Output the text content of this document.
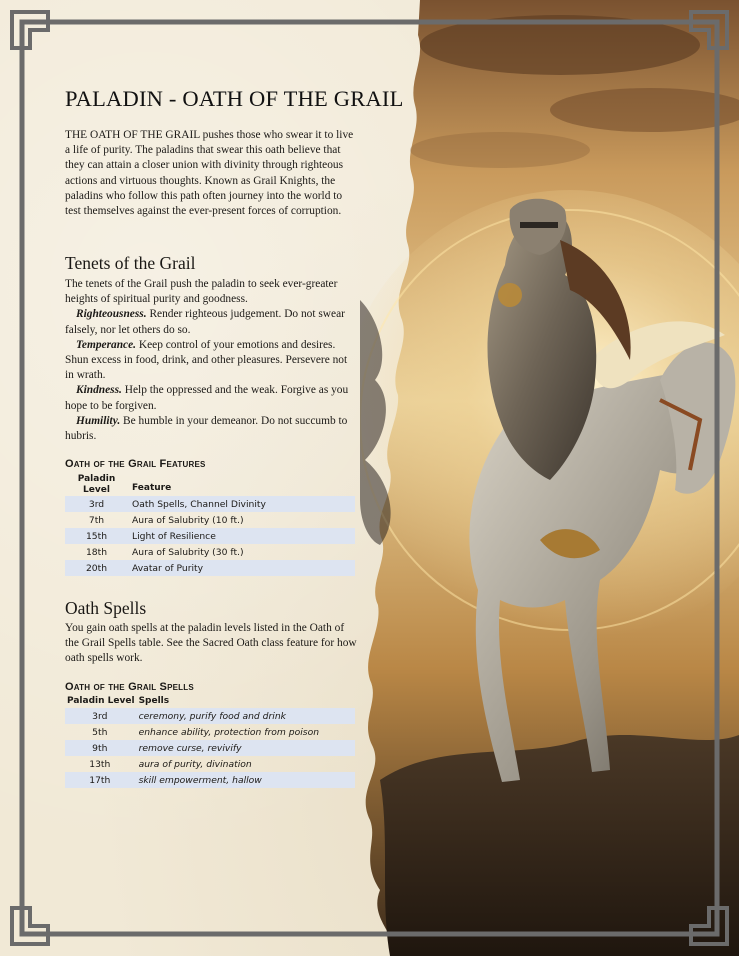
PALADIN - OATH OF THE GRAIL

THE OATH OF THE GRAIL pushes those who swear it to live a life of purity. The paladins that swear this oath believe that they can attain a closer union with divinity through righteous actions and virtuous thoughts. Known as Grail Knights, the paladins who follow this path often journey into the world to test themselves against the ever-present forces of corruption.

Tenets of the Grail

The tenets of the Grail push the paladin to seek ever-greater heights of spiritual purity and goodness.

Righteousness. Render righteous judgement. Do not swear falsely, nor let others do so.

Temperance. Keep control of your emotions and desires. Shun excess in food, drink, and other pleasures. Persevere not in wrath.

Kindness. Help the oppressed and the weak. Forgive as you hope to be forgiven.

Humility. Be humble in your demeanor. Do not succumb to hubris.

Oath of the Grail Features
Paladin Level	Feature
3rd	Oath Spells, Channel Divinity
7th	Aura of Salubrity (10 ft.)
15th	Light of Resilience
18th	Aura of Salubrity (30 ft.)
20th	Avatar of Purity
Oath Spells

You gain oath spells at the paladin levels listed in the Oath of the Grail Spells table. See the Sacred Oath class feature for how oath spells work.

Oath of the Grail Spells
Paladin Level	Spells
3rd	ceremony, purify food and drink
5th	enhance ability, protection from poison
9th	remove curse, revivify
13th	aura of purity, divination
17th	skill empowerment, hallow
